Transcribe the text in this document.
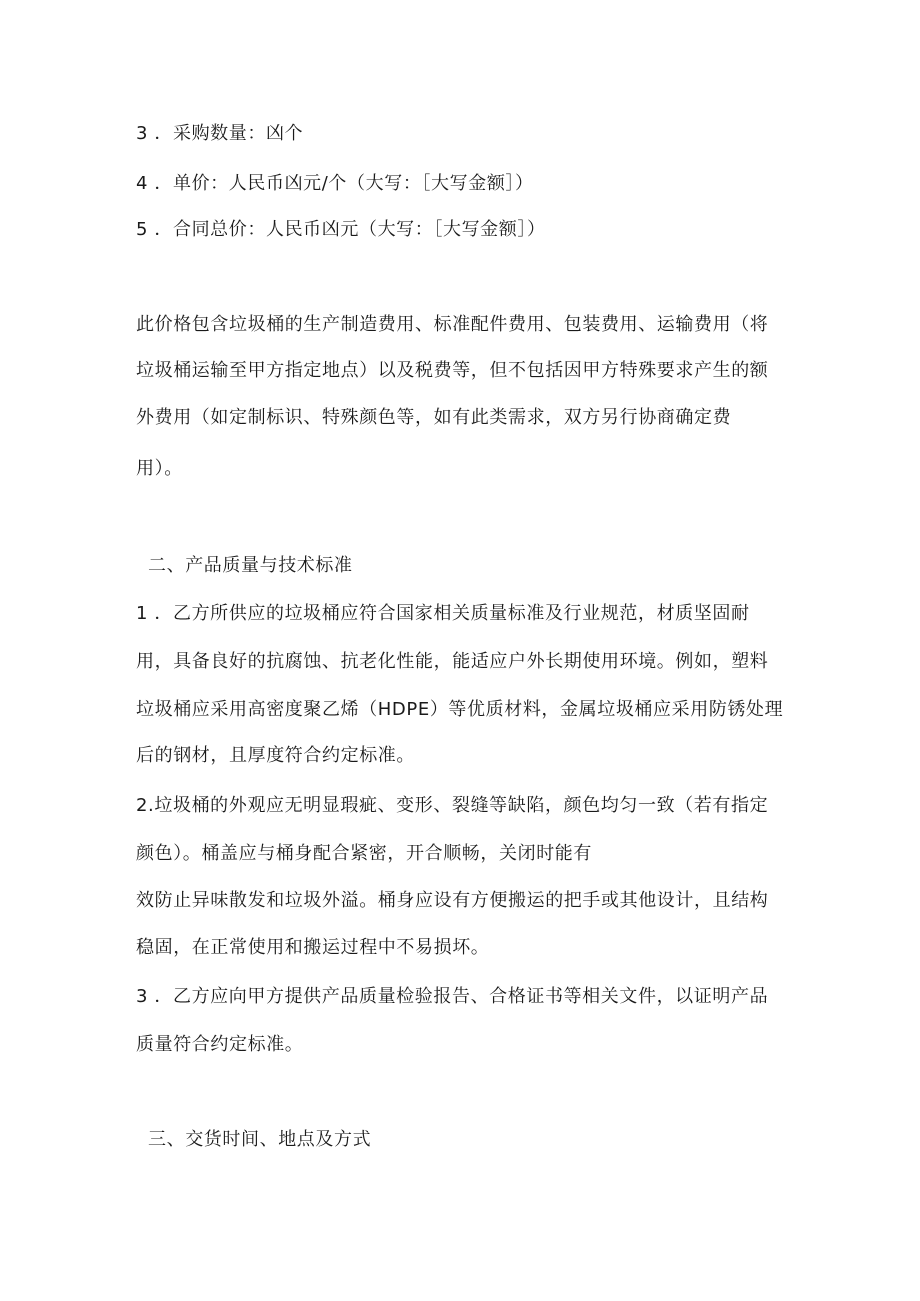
3 ．采购数量：凶个
4 ．单价：人民币凶元/个（大写：［大写金额］）
5 ．合同总价：人民币凶元（大写：［大写金额］）
此价格包含垃圾桶的生产制造费用、标准配件费用、包装费用、运输费用（将
垃圾桶运输至甲方指定地点）以及税费等，但不包括因甲方特殊要求产生的额
外费用（如定制标识、特殊颜色等，如有此类需求，双方另行协商确定费
用）。
二、产品质量与技术标准
1 ．乙方所供应的垃圾桶应符合国家相关质量标准及行业规范，材质坚固耐
用，具备良好的抗腐蚀、抗老化性能，能适应户外长期使用环境。例如，塑料
垃圾桶应采用高密度聚乙烯（HDPE）等优质材料，金属垃圾桶应采用防锈处理
后的钢材，且厚度符合约定标准。
2.垃圾桶的外观应无明显瑕疵、变形、裂缝等缺陷，颜色均匀一致（若有指定
颜色）。桶盖应与桶身配合紧密，开合顺畅，关闭时能有
效防止异味散发和垃圾外溢。桶身应设有方便搬运的把手或其他设计，且结构
稳固，在正常使用和搬运过程中不易损坏。
3 ．乙方应向甲方提供产品质量检验报告、合格证书等相关文件，以证明产品
质量符合约定标准。
三、交货时间、地点及方式
